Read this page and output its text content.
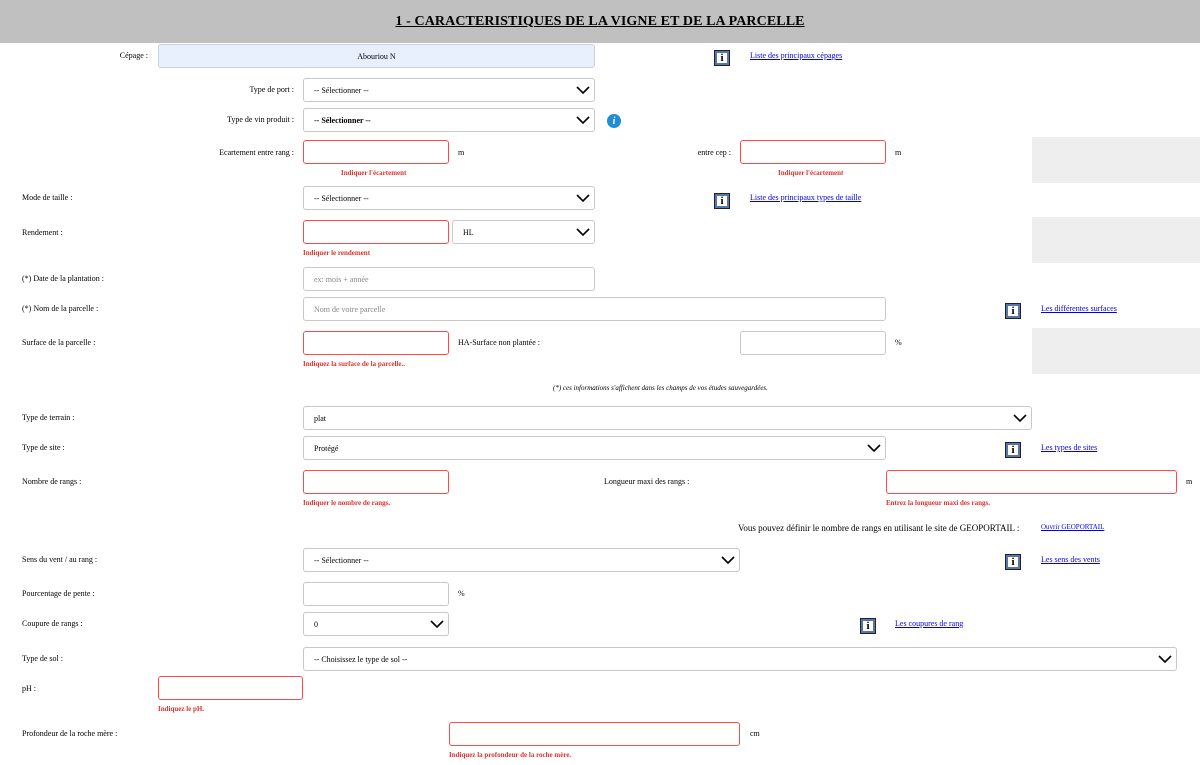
1 - CARACTERISTIQUES DE LA VIGNE ET DE LA PARCELLE
Cépage :	Abouriou N	i	Liste des principaux cépages
Type de port :	-- Sélectionner --
Type de vin produit :	-- Sélectionner --	i
Ecartement entre rang :	m
Indiquer l'écartement
entre cep :	m
Indiquer l'écartement
Mode de taille :	-- Sélectionner --	i	Liste des principaux types de taille
Rendement :	HL
Indiquer le rendement
(*) Date de la plantation :	ex: mois + année
(*) Nom de la parcelle :	Nom de votre parcelle	i	Les différentes surfaces
Surface de la parcelle :	HA-Surface non plantée :	%
Indiquez la surface de la parcelle..
(*) ces informations s'affichent dans les champs de vos études sauvegardées.
Type de terrain :	plat
Type de site :	Protégé	i	Les types de sites
Nombre de rangs :
Indiquer le nombre de rangs.
Longueur maxi des rangs :	m
Entrez la longueur maxi des rangs.
Vous pouvez définir le nombre de rangs en utilisant le site de GEOPORTAIL :	Ouvrir GEOPORTAIL
Sens du vent / au rang :	-- Sélectionner --	i	Les sens des vents
Pourcentage de pente :	%
Coupure de rangs :	0	i	Les coupures de rang
Type de sol :	-- Choisissez le type de sol --
pH :
Indiquez le pH.
Profondeur de la roche mère :	cm
Indiquez la profondeur de la roche mère.
